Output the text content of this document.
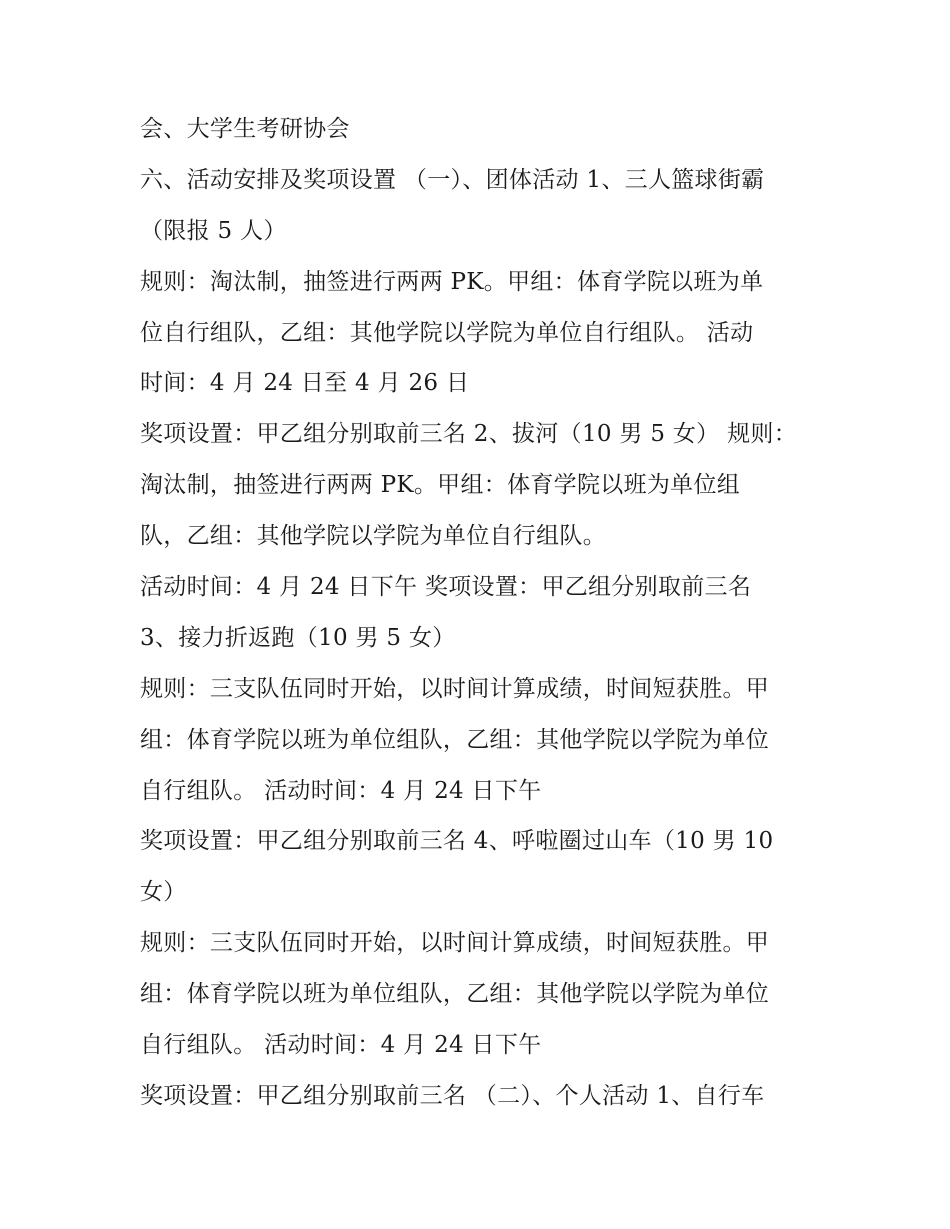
会、大学生考研协会
六、活动安排及奖项设置 （一）、团体活动 1、三人篮球街霸
（限报 5 人）
规则：淘汰制，抽签进行两两 PK。甲组：体育学院以班为单
位自行组队，乙组：其他学院以学院为单位自行组队。 活动
时间：4 月 24 日至 4 月 26 日
奖项设置：甲乙组分别取前三名 2、拔河（10 男 5 女） 规则：
淘汰制，抽签进行两两 PK。甲组：体育学院以班为单位组
队，乙组：其他学院以学院为单位自行组队。
活动时间：4 月 24 日下午 奖项设置：甲乙组分别取前三名
3、接力折返跑（10 男 5 女）
规则：三支队伍同时开始，以时间计算成绩，时间短获胜。甲
组：体育学院以班为单位组队，乙组：其他学院以学院为单位
自行组队。 活动时间：4 月 24 日下午
奖项设置：甲乙组分别取前三名 4、呼啦圈过山车（10 男 10
女）
规则：三支队伍同时开始，以时间计算成绩，时间短获胜。甲
组：体育学院以班为单位组队，乙组：其他学院以学院为单位
自行组队。 活动时间：4 月 24 日下午
奖项设置：甲乙组分别取前三名 （二）、个人活动 1、自行车
